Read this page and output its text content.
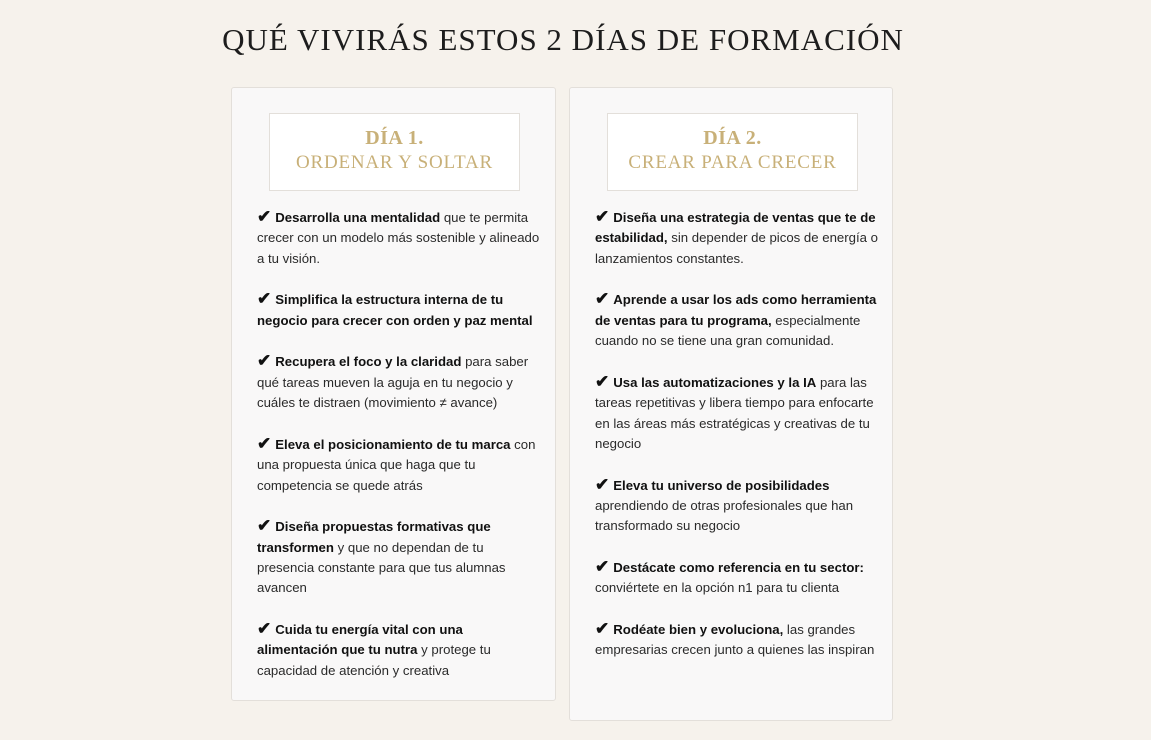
QUÉ VIVIRÁS ESTOS 2 DÍAS DE FORMACIÓN
DÍA 1.
ORDENAR Y SOLTAR
✔ Desarrolla una mentalidad que te permita crecer con un modelo más sostenible y alineado a tu visión.
✔ Simplifica la estructura interna de tu negocio para crecer con orden y paz mental
✔ Recupera el foco y la claridad para saber qué tareas mueven la aguja en tu negocio y cuáles te distraen (movimiento ≠ avance)
✔ Eleva el posicionamiento de tu marca con una propuesta única que haga que tu competencia se quede atrás
✔ Diseña propuestas formativas que transformen y que no dependan de tu presencia constante para que tus alumnas avancen
✔ Cuida tu energía vital con una alimentación que tu nutra y protege tu capacidad de atención y creativa
DÍA 2.
CREAR PARA CRECER
✔ Diseña una estrategia de ventas que te de estabilidad, sin depender de picos de energía o lanzamientos constantes.
✔ Aprende a usar los ads como herramienta de ventas para tu programa, especialmente cuando no se tiene una gran comunidad.
✔ Usa las automatizaciones y la IA para las tareas repetitivas y libera tiempo para enfocarte en las áreas más estratégicas y creativas de tu negocio
✔ Eleva tu universo de posibilidades aprendiendo de otras profesionales que han transformado su negocio
✔ Destácate como referencia en tu sector: conviértete en la opción n1 para tu clienta
✔ Rodéate bien y evoluciona, las grandes empresarias crecen junto a quienes las inspiran
